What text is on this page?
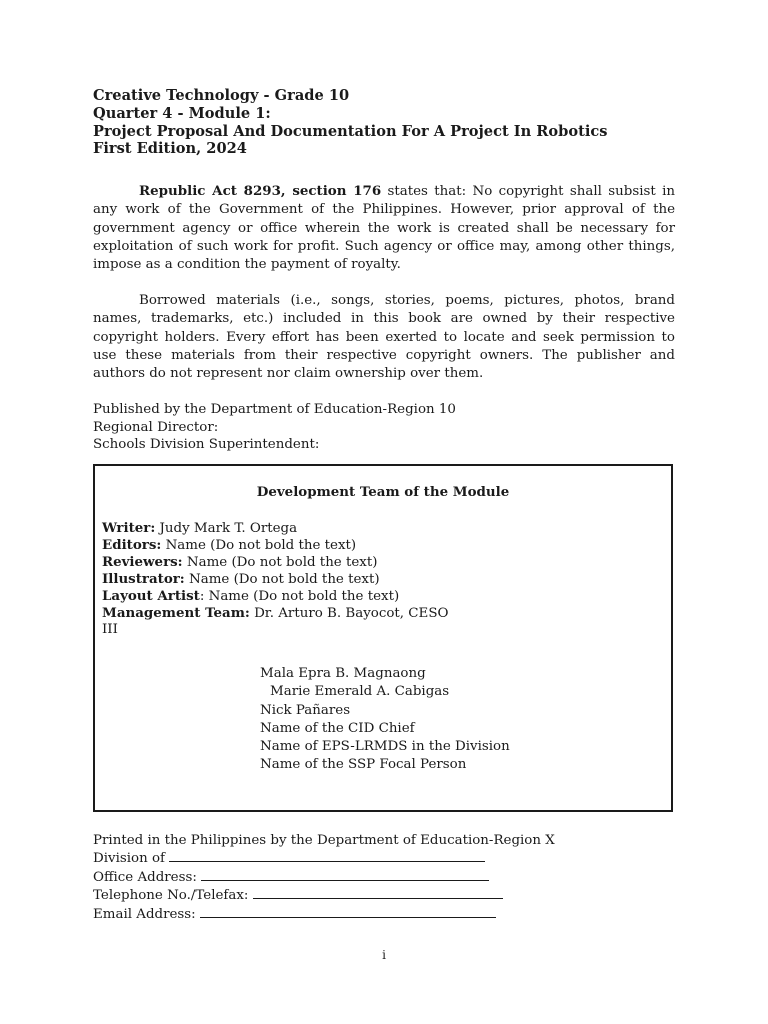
Creative Technology - Grade 10
Quarter 4 - Module 1:
Project Proposal And Documentation For A Project In Robotics
First Edition, 2024

Republic Act 8293, section 176 states that: No copyright shall subsist in any work of the Government of the Philippines. However, prior approval of the government agency or office wherein the work is created shall be necessary for exploitation of such work for profit. Such agency or office may, among other things, impose as a condition the payment of royalty.

Borrowed materials (i.e., songs, stories, poems, pictures, photos, brand names, trademarks, etc.) included in this book are owned by their respective copyright holders. Every effort has been exerted to locate and seek permission to use these materials from their respective copyright owners. The publisher and authors do not represent nor claim ownership over them.

Published by the Department of Education-Region 10
Regional Director:
Schools Division Superintendent:
Development Team of the Module
Writer: Judy Mark T. Ortega
Editors: Name (Do not bold the text)
Reviewers: Name (Do not bold the text)
Illustrator: Name (Do not bold the text)
Layout Artist: Name (Do not bold the text)
Management Team: Dr. Arturo B. Bayocot, CESO III
Mala Epra B. Magnaong
Marie Emerald A. Cabigas
Nick Pañares
Name of the CID Chief
Name of EPS-LRMDS in the Division
Name of the SSP Focal Person
Printed in the Philippines by the Department of Education-Region X
Division of
Office Address:
Telephone No./Telefax:
Email Address:
i
